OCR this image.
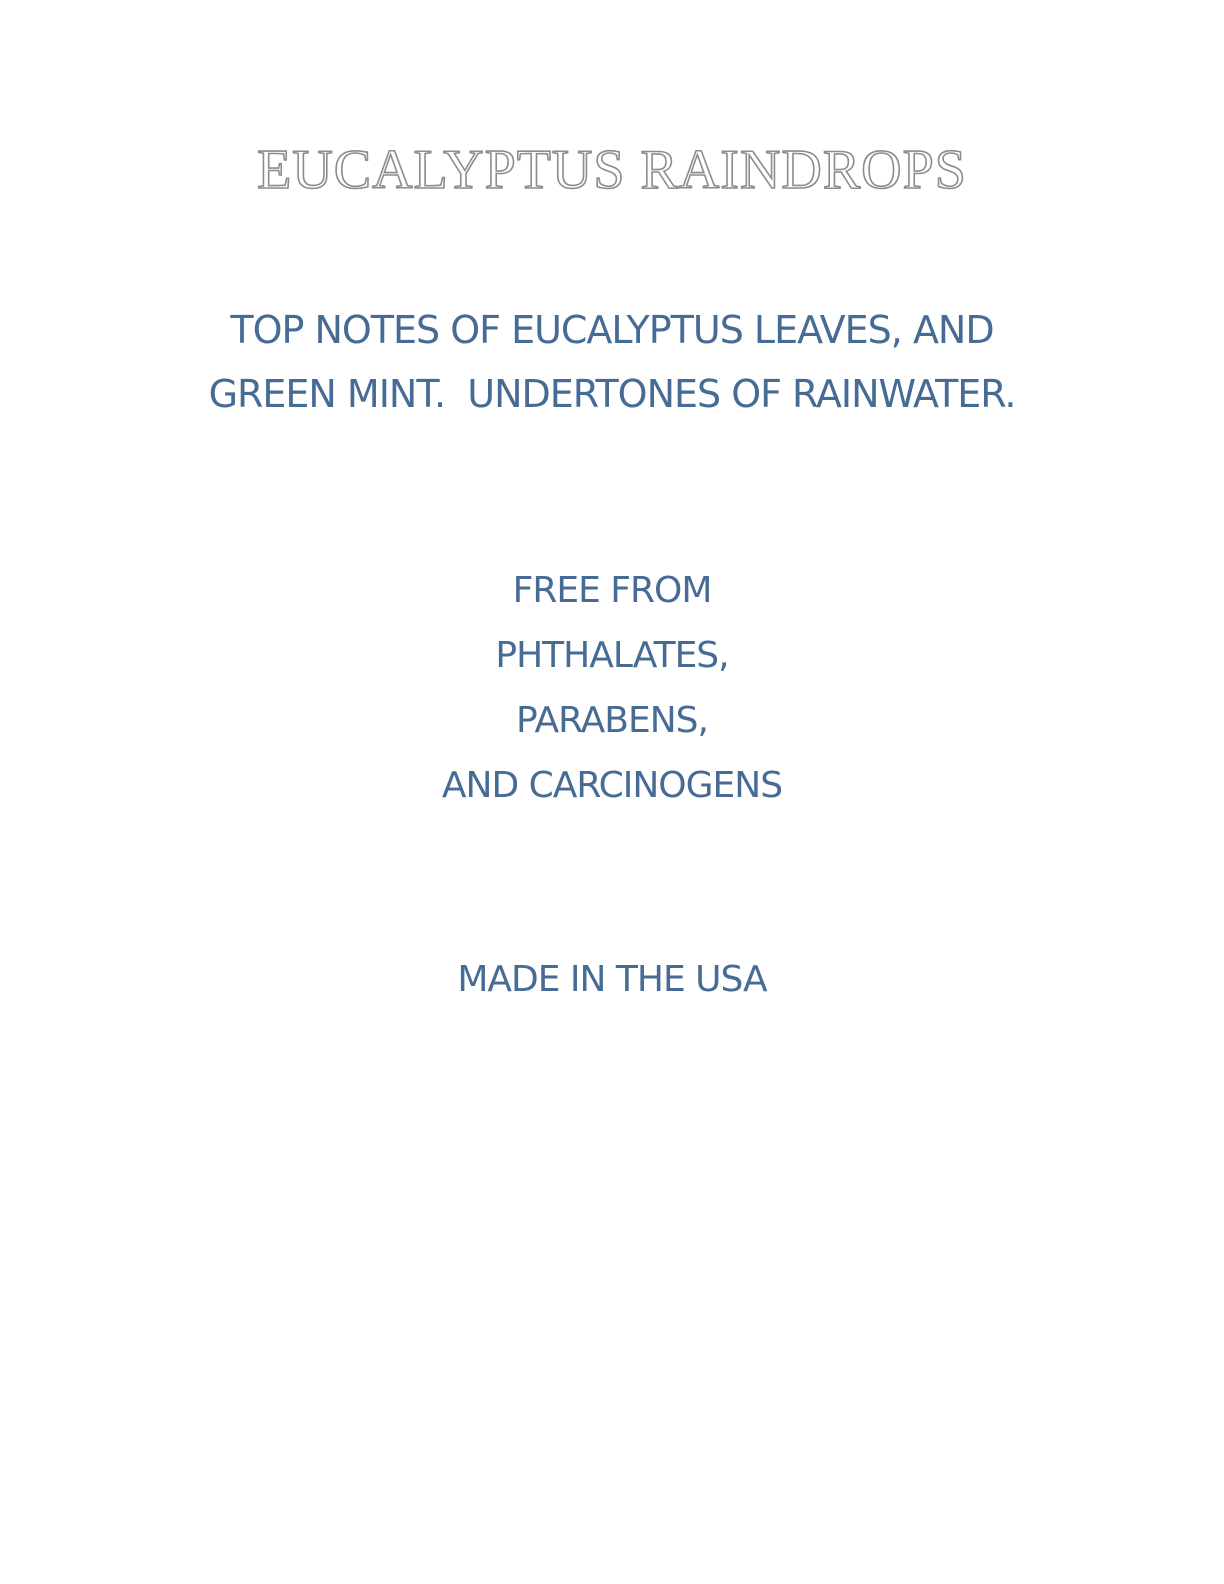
EUCALYPTUS RAINDROPS
TOP NOTES OF EUCALYPTUS LEAVES, AND
GREEN MINT.  UNDERTONES OF RAINWATER.
FREE FROM
PHTHALATES,
PARABENS,
AND CARCINOGENS
MADE IN THE USA
